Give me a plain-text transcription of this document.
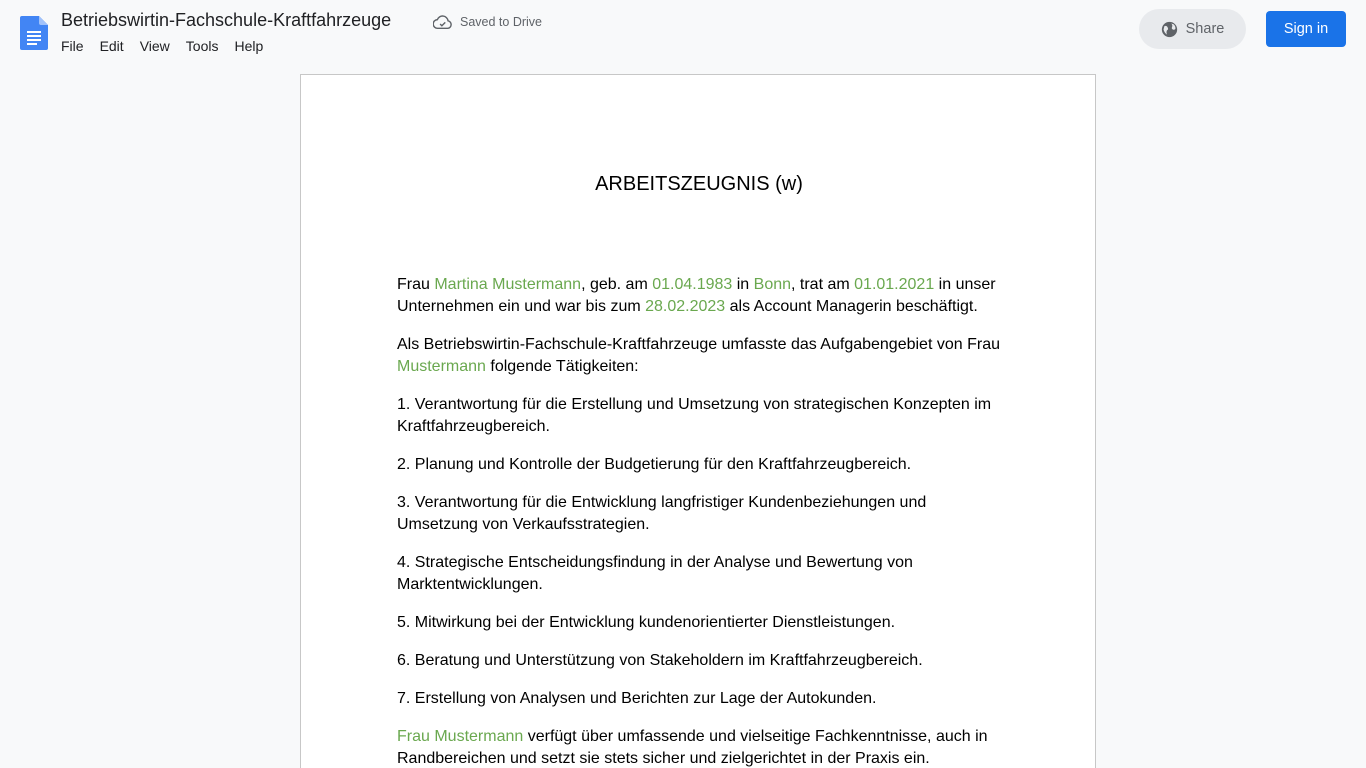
Betriebswirtin-Fachschule-Kraftfahrzeuge	Saved to Drive
File	Edit	View	Tools	Help
Share	Sign in
ARBEITSZEUGNIS (w)

Frau Martina Mustermann, geb. am 01.04.1983 in Bonn, trat am 01.01.2021 in unser Unternehmen ein und war bis zum 28.02.2023 als Account Managerin beschäftigt.

Als Betriebswirtin-Fachschule-Kraftfahrzeuge umfasste das Aufgabengebiet von Frau Mustermann folgende Tätigkeiten:

1. Verantwortung für die Erstellung und Umsetzung von strategischen Konzepten im Kraftfahrzeugbereich.

2. Planung und Kontrolle der Budgetierung für den Kraftfahrzeugbereich.

3. Verantwortung für die Entwicklung langfristiger Kundenbeziehungen und Umsetzung von Verkaufsstrategien.

4. Strategische Entscheidungsfindung in der Analyse und Bewertung von Marktentwicklungen.

5. Mitwirkung bei der Entwicklung kundenorientierter Dienstleistungen.

6. Beratung und Unterstützung von Stakeholdern im Kraftfahrzeugbereich.

7. Erstellung von Analysen und Berichten zur Lage der Autokunden.

Frau Mustermann verfügt über umfassende und vielseitige Fachkenntnisse, auch in Randbereichen und setzt sie stets sicher und zielgerichtet in der Praxis ein.
